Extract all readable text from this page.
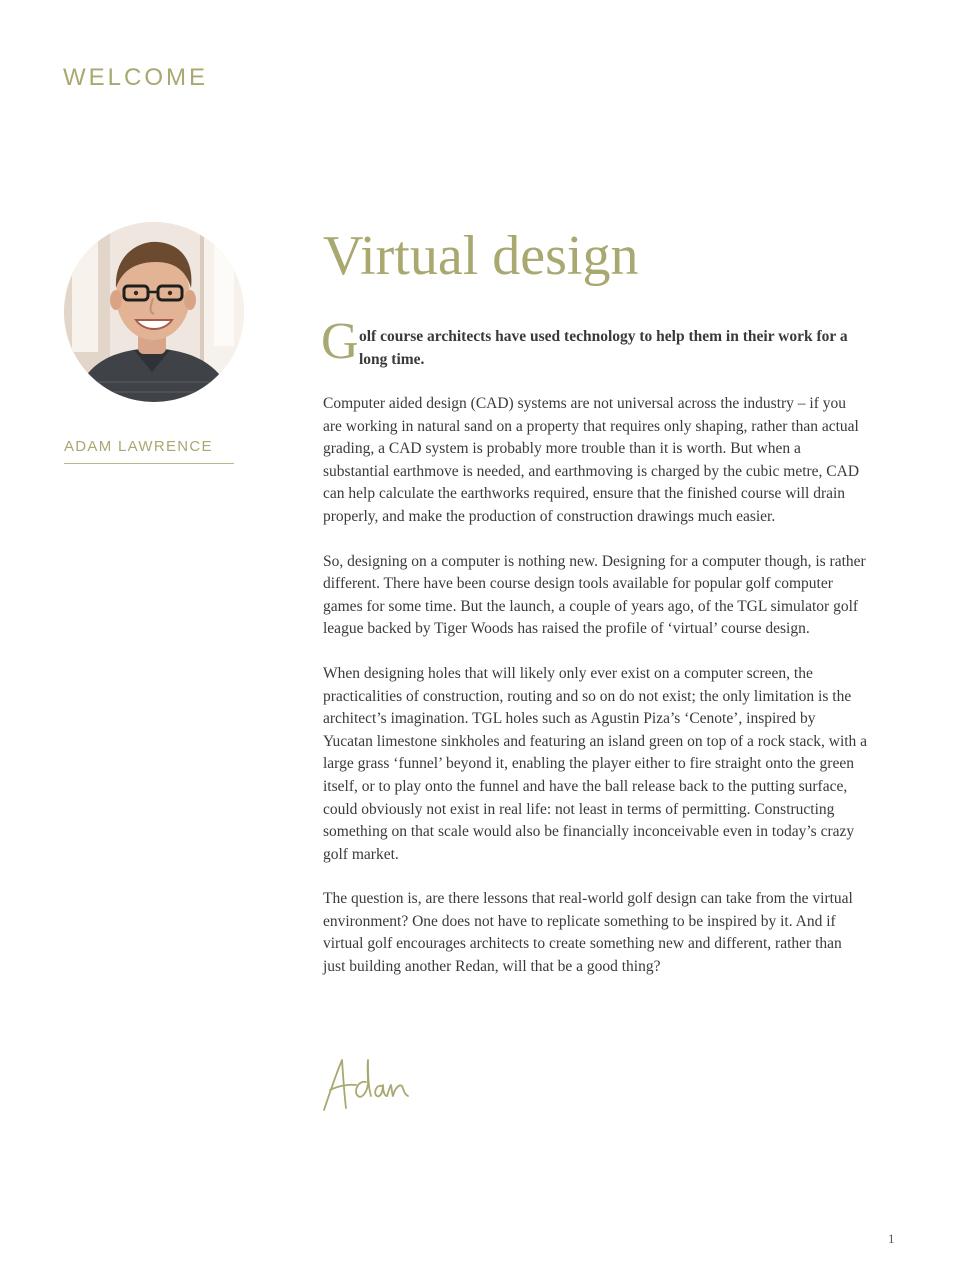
WELCOME
ADAM LAWRENCE
Virtual design

G olf course architects have used technology to help them in their work for a long time.

Computer aided design (CAD) systems are not universal across the industry – if you are working in natural sand on a property that requires only shaping, rather than actual grading, a CAD system is probably more trouble than it is worth. But when a substantial earthmove is needed, and earthmoving is charged by the cubic metre, CAD can help calculate the earthworks required, ensure that the finished course will drain properly, and make the production of construction drawings much easier.

So, designing on a computer is nothing new. Designing for a computer though, is rather different. There have been course design tools available for popular golf computer games for some time. But the launch, a couple of years ago, of the TGL simulator golf league backed by Tiger Woods has raised the profile of ‘virtual’ course design.

When designing holes that will likely only ever exist on a computer screen, the practicalities of construction, routing and so on do not exist; the only limitation is the architect’s imagination. TGL holes such as Agustin Piza’s ‘Cenote’, inspired by Yucatan limestone sinkholes and featuring an island green on top of a rock stack, with a large grass ‘funnel’ beyond it, enabling the player either to fire straight onto the green itself, or to play onto the funnel and have the ball release back to the putting surface, could obviously not exist in real life: not least in terms of permitting. Constructing something on that scale would also be financially inconceivable even in today’s crazy golf market.

The question is, are there lessons that real-world golf design can take from the virtual environment? One does not have to replicate something to be inspired by it. And if virtual golf encourages architects to create something new and different, rather than just building another Redan, will that be a good thing?

1
